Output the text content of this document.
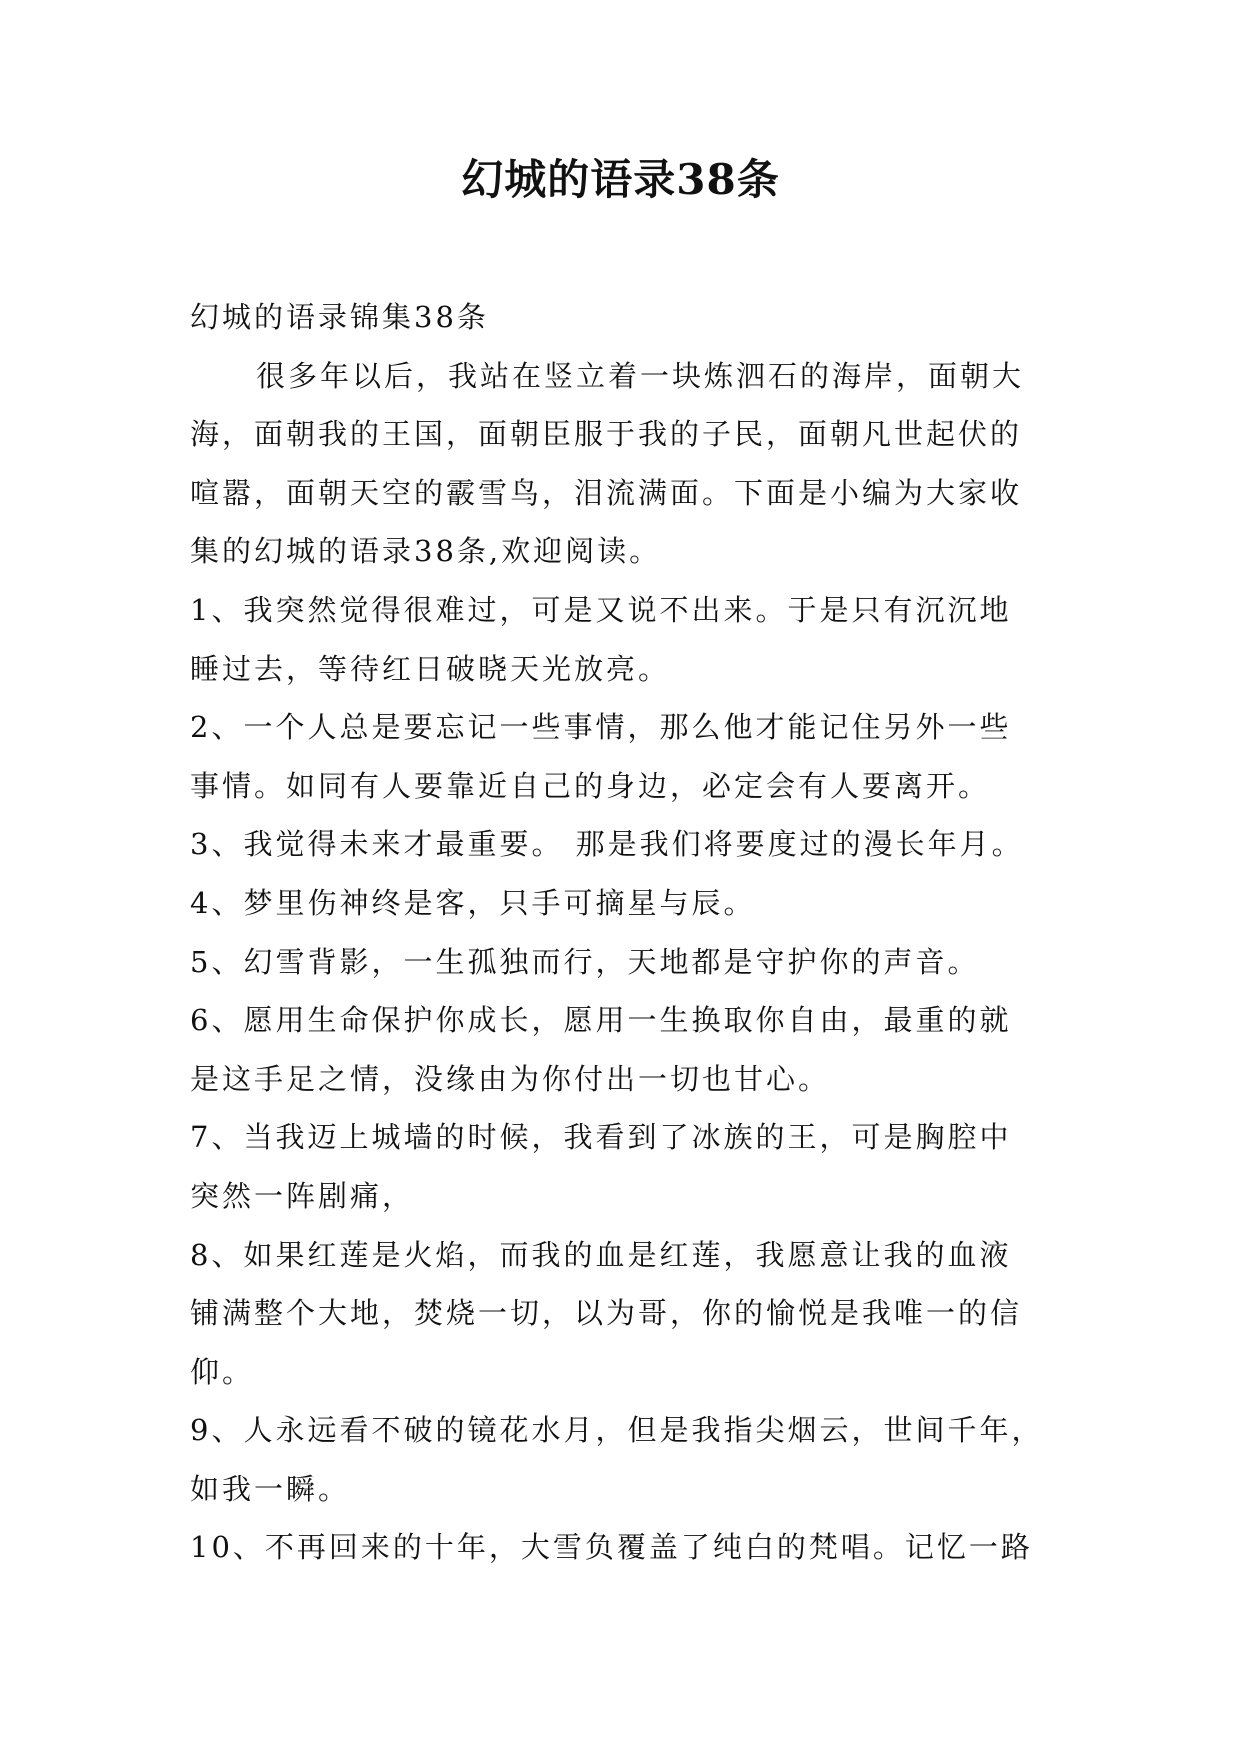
幻城的语录38条
幻城的语录锦集38条
很多年以后，我站在竖立着一块炼泗石的海岸，面朝大
海，面朝我的王国，面朝臣服于我的子民，面朝凡世起伏的
喧嚣，面朝天空的霰雪鸟，泪流满面。下面是小编为大家收
集的幻城的语录38条,欢迎阅读。
1、我突然觉得很难过，可是又说不出来。于是只有沉沉地
睡过去，等待红日破晓天光放亮。
2、一个人总是要忘记一些事情，那么他才能记住另外一些
事情。如同有人要靠近自己的身边，必定会有人要离开。
3、我觉得未来才最重要。 那是我们将要度过的漫长年月。
4、梦里伤神终是客，只手可摘星与辰。
5、幻雪背影，一生孤独而行，天地都是守护你的声音。
6、愿用生命保护你成长，愿用一生换取你自由，最重的就
是这手足之情，没缘由为你付出一切也甘心。
7、当我迈上城墙的时候，我看到了冰族的王，可是胸腔中
突然一阵剧痛，
8、如果红莲是火焰，而我的血是红莲，我愿意让我的血液
铺满整个大地，焚烧一切，以为哥，你的愉悦是我唯一的信
仰。
9、人永远看不破的镜花水月，但是我指尖烟云，世间千年，
如我一瞬。
10、不再回来的十年，大雪负覆盖了纯白的梵唱。记忆一路
